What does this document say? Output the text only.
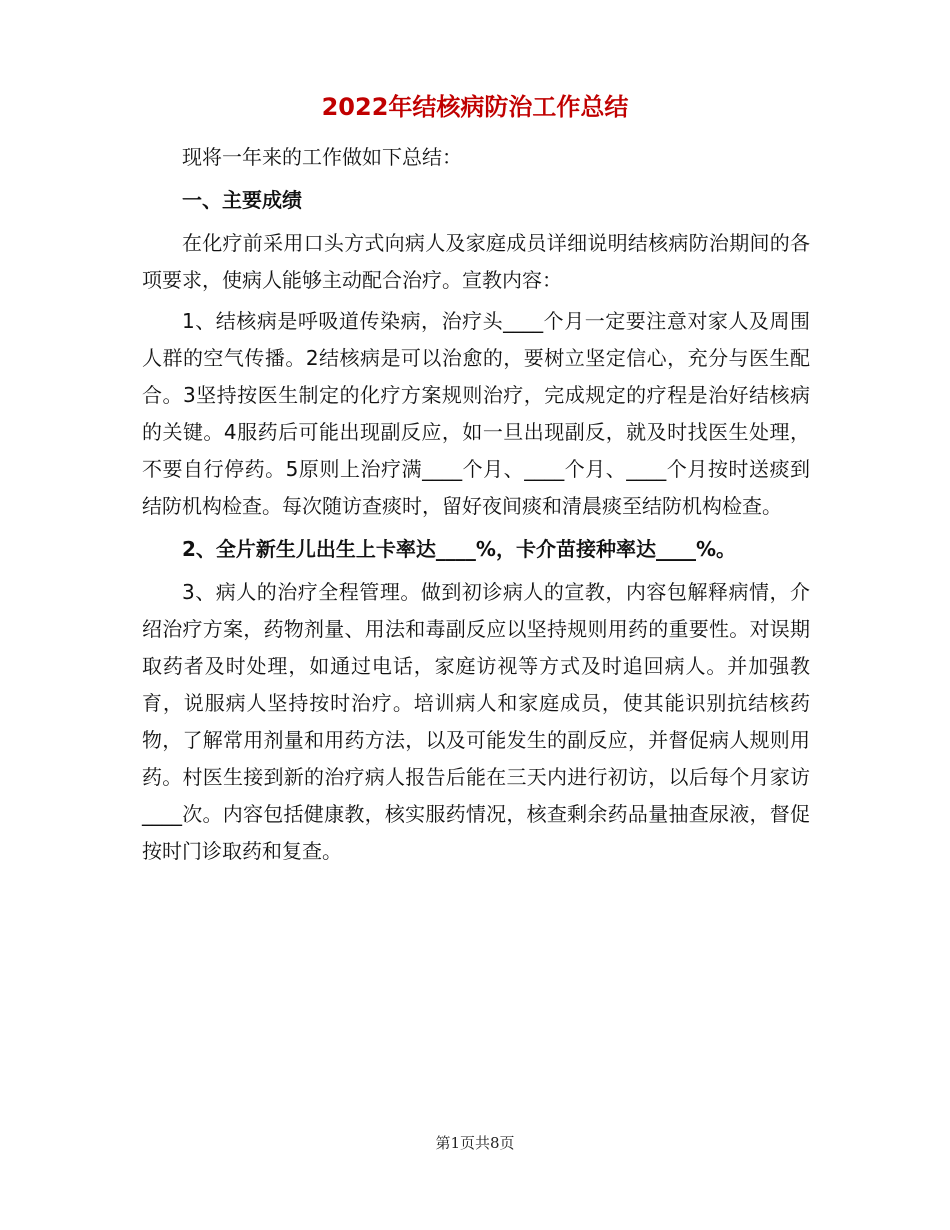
2022年结核病防治工作总结

现将一年来的工作做如下总结：

一、主要成绩

在化疗前采用口头方式向病人及家庭成员详细说明结核病防治期间的各项要求，使病人能够主动配合治疗。宣教内容：

1、结核病是呼吸道传染病，治疗头____个月一定要注意对家人及周围人群的空气传播。2结核病是可以治愈的，要树立坚定信心，充分与医生配合。3坚持按医生制定的化疗方案规则治疗，完成规定的疗程是治好结核病的关键。4服药后可能出现副反应，如一旦出现副反，就及时找医生处理，不要自行停药。5原则上治疗满____个月、____个月、____个月按时送痰到结防机构检查。每次随访查痰时，留好夜间痰和清晨痰至结防机构检查。

2、全片新生儿出生上卡率达____%，卡介苗接种率达____%。

3、病人的治疗全程管理。做到初诊病人的宣教，内容包解释病情，介绍治疗方案，药物剂量、用法和毒副反应以坚持规则用药的重要性。对误期取药者及时处理，如通过电话，家庭访视等方式及时追回病人。并加强教育，说服病人坚持按时治疗。培训病人和家庭成员，使其能识别抗结核药物，了解常用剂量和用药方法，以及可能发生的副反应，并督促病人规则用药。村医生接到新的治疗病人报告后能在三天内进行初访，以后每个月家访____次。内容包括健康教，核实服药情况，核查剩余药品量抽查尿液，督促按时门诊取药和复查。

第1页共8页
